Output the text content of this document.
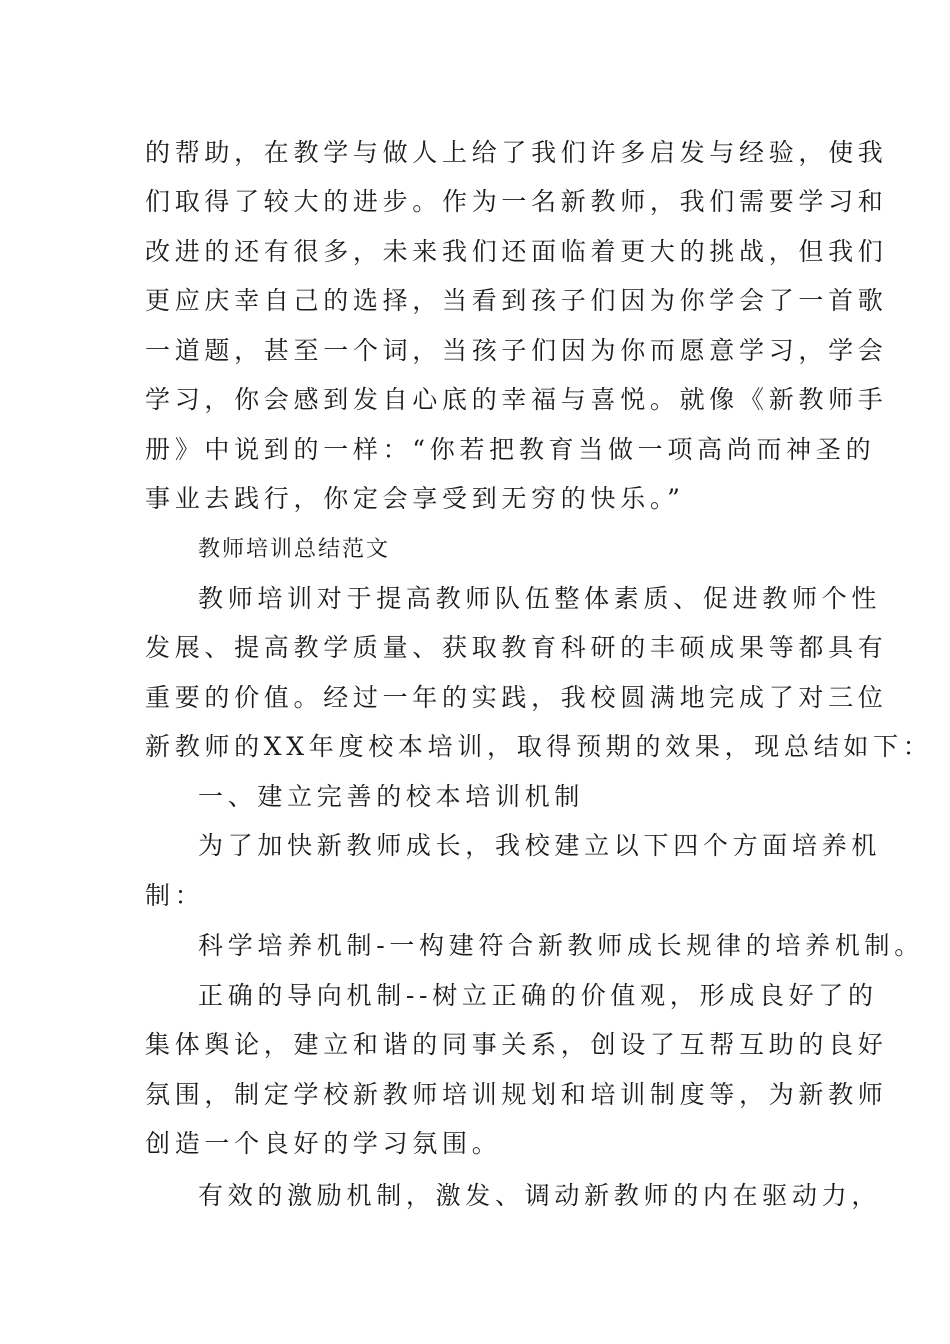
的帮助，在教学与做人上给了我们许多启发与经验，使我
们取得了较大的进步。作为一名新教师，我们需要学习和
改进的还有很多，未来我们还面临着更大的挑战，但我们
更应庆幸自己的选择，当看到孩子们因为你学会了一首歌
一道题，甚至一个词，当孩子们因为你而愿意学习，学会
学习，你会感到发自心底的幸福与喜悦。就像《新教师手
册》中说到的一样：“你若把教育当做一项高尚而神圣的
事业去践行，你定会享受到无穷的快乐。”
教师培训总结范文
教师培训对于提高教师队伍整体素质、促进教师个性
发展、提高教学质量、获取教育科研的丰硕成果等都具有
重要的价值。经过一年的实践，我校圆满地完成了对三位
新教师的XX年度校本培训，取得预期的效果，现总结如下：
一、建立完善的校本培训机制
为了加快新教师成长，我校建立以下四个方面培养机
制：
科学培养机制-一构建符合新教师成长规律的培养机制。
正确的导向机制--树立正确的价值观，形成良好了的
集体舆论，建立和谐的同事关系，创设了互帮互助的良好
氛围，制定学校新教师培训规划和培训制度等，为新教师
创造一个良好的学习氛围。
有效的激励机制，激发、调动新教师的内在驱动力，
